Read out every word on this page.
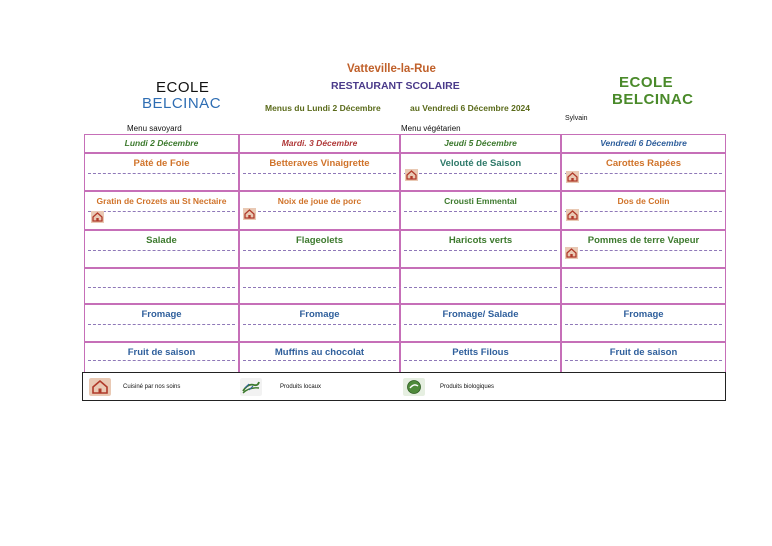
ECOLE
BELCINAC
ECOLE
BELCINAC
Vatteville-la-Rue
RESTAURANT SCOLAIRE
Menus du Lundi 2 Décembre	au Vendredi 6 Décembre 2024
Sylvain
Menu savoyard	Menu végétarien
Lundi 2 Décembre	Mardi. 3 Décembre	Jeudi 5 Décembre	Vendredi 6 Décembre
Pâté de Foie	Betteraves Vinaigrette	Velouté de Saison	Carottes Rapées
Gratin de Crozets au St Nectaire	Noix de joue de porc	Crousti Emmental	Dos de Colin
Salade	Flageolets	Haricots verts	Pommes de terre Vapeur
Fromage	Fromage	Fromage/ Salade	Fromage
Fruit de saison	Muffins au chocolat	Petits Filous	Fruit de saison
Cuisiné par nos soins	Produits locaux	Produits biologiques
